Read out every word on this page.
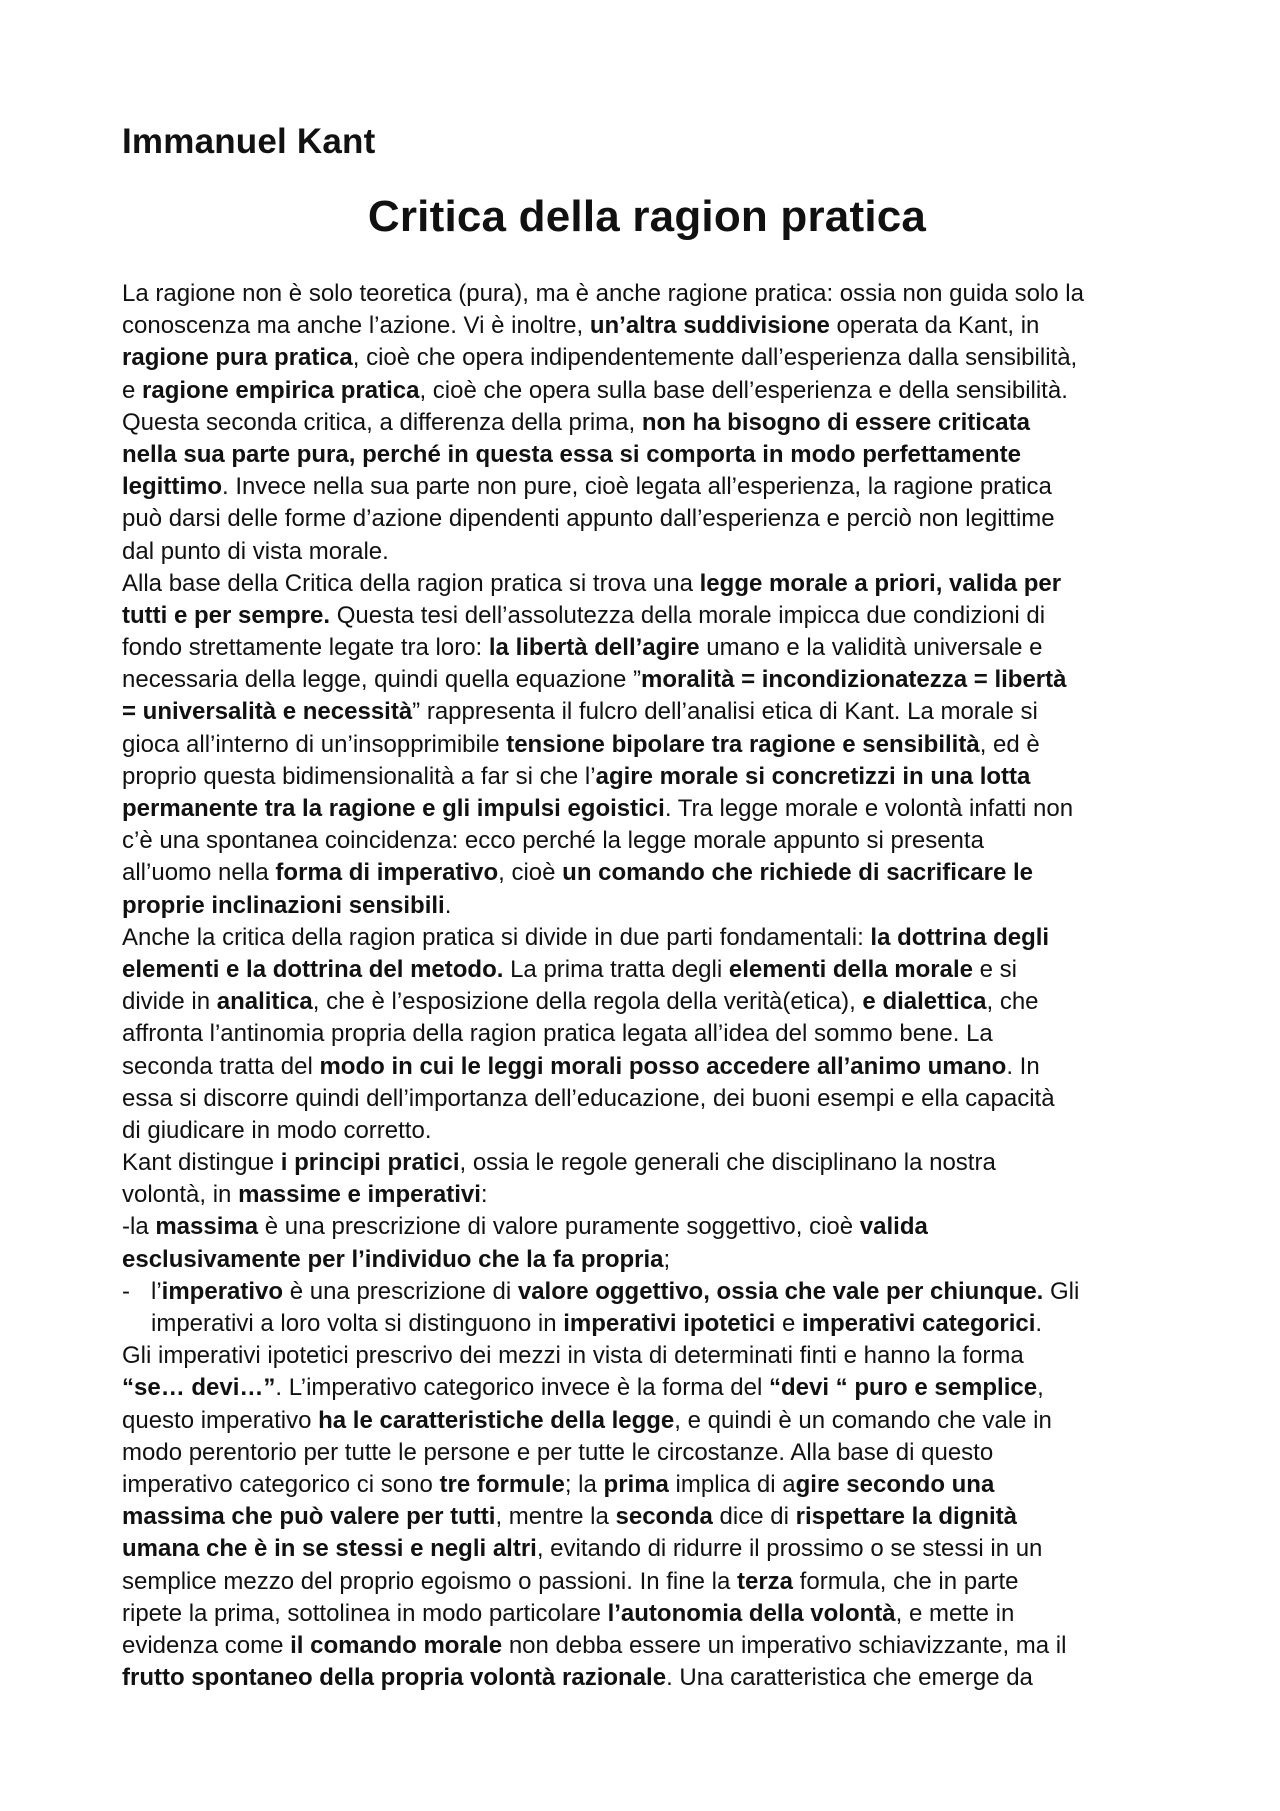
Immanuel Kant
Critica della ragion pratica
La ragione non è solo teoretica (pura), ma è anche ragione pratica: ossia non guida solo la
conoscenza ma anche l’azione. Vi è inoltre, un’altra suddivisione operata da Kant, in
ragione pura pratica, cioè che opera indipendentemente dall’esperienza dalla sensibilità,
e ragione empirica pratica, cioè che opera sulla base dell’esperienza e della sensibilità.
Questa seconda critica, a differenza della prima, non ha bisogno di essere criticata
nella sua parte pura, perché in questa essa si comporta in modo perfettamente
legittimo. Invece nella sua parte non pure, cioè legata all’esperienza, la ragione pratica
può darsi delle forme d’azione dipendenti appunto dall’esperienza e perciò non legittime
dal punto di vista morale.
Alla base della Critica della ragion pratica si trova una legge morale a priori, valida per
tutti e per sempre. Questa tesi dell’assolutezza della morale impicca due condizioni di
fondo strettamente legate tra loro: la libertà dell’agire umano e la validità universale e
necessaria della legge, quindi quella equazione ”moralità = incondizionatezza = libertà
= universalità e necessità” rappresenta il fulcro dell’analisi etica di Kant. La morale si
gioca all’interno di un’insopprimibile tensione bipolare tra ragione e sensibilità, ed è
proprio questa bidimensionalità a far si che l’agire morale si concretizzi in una lotta
permanente tra la ragione e gli impulsi egoistici. Tra legge morale e volontà infatti non
c’è una spontanea coincidenza: ecco perché la legge morale appunto si presenta
all’uomo nella forma di imperativo, cioè un comando che richiede di sacrificare le
proprie inclinazioni sensibili.
Anche la critica della ragion pratica si divide in due parti fondamentali: la dottrina degli
elementi e la dottrina del metodo. La prima tratta degli elementi della morale e si
divide in analitica, che è l’esposizione della regola della verità(etica), e dialettica, che
affronta l’antinomia propria della ragion pratica legata all’idea del sommo bene. La
seconda tratta del modo in cui le leggi morali posso accedere all’animo umano. In
essa si discorre quindi dell’importanza dell’educazione, dei buoni esempi e ella capacità
di giudicare in modo corretto.
Kant distingue i principi pratici, ossia le regole generali che disciplinano la nostra
volontà, in massime e imperativi:
-la massima è una prescrizione di valore puramente soggettivo, cioè valida
esclusivamente per l’individuo che la fa propria;
- l’imperativo è una prescrizione di valore oggettivo, ossia che vale per chiunque. Gli
imperativi a loro volta si distinguono in imperativi ipotetici e imperativi categorici.
Gli imperativi ipotetici prescrivo dei mezzi in vista di determinati finti e hanno la forma
“se… devi…”. L’imperativo categorico invece è la forma del “devi “ puro e semplice,
questo imperativo ha le caratteristiche della legge, e quindi è un comando che vale in
modo perentorio per tutte le persone e per tutte le circostanze. Alla base di questo
imperativo categorico ci sono tre formule; la prima implica di agire secondo una
massima che può valere per tutti, mentre la seconda dice di rispettare la dignità
umana che è in se stessi e negli altri, evitando di ridurre il prossimo o se stessi in un
semplice mezzo del proprio egoismo o passioni. In fine la terza formula, che in parte
ripete la prima, sottolinea in modo particolare l’autonomia della volontà, e mette in
evidenza come il comando morale non debba essere un imperativo schiavizzante, ma il
frutto spontaneo della propria volontà razionale. Una caratteristica che emerge da
